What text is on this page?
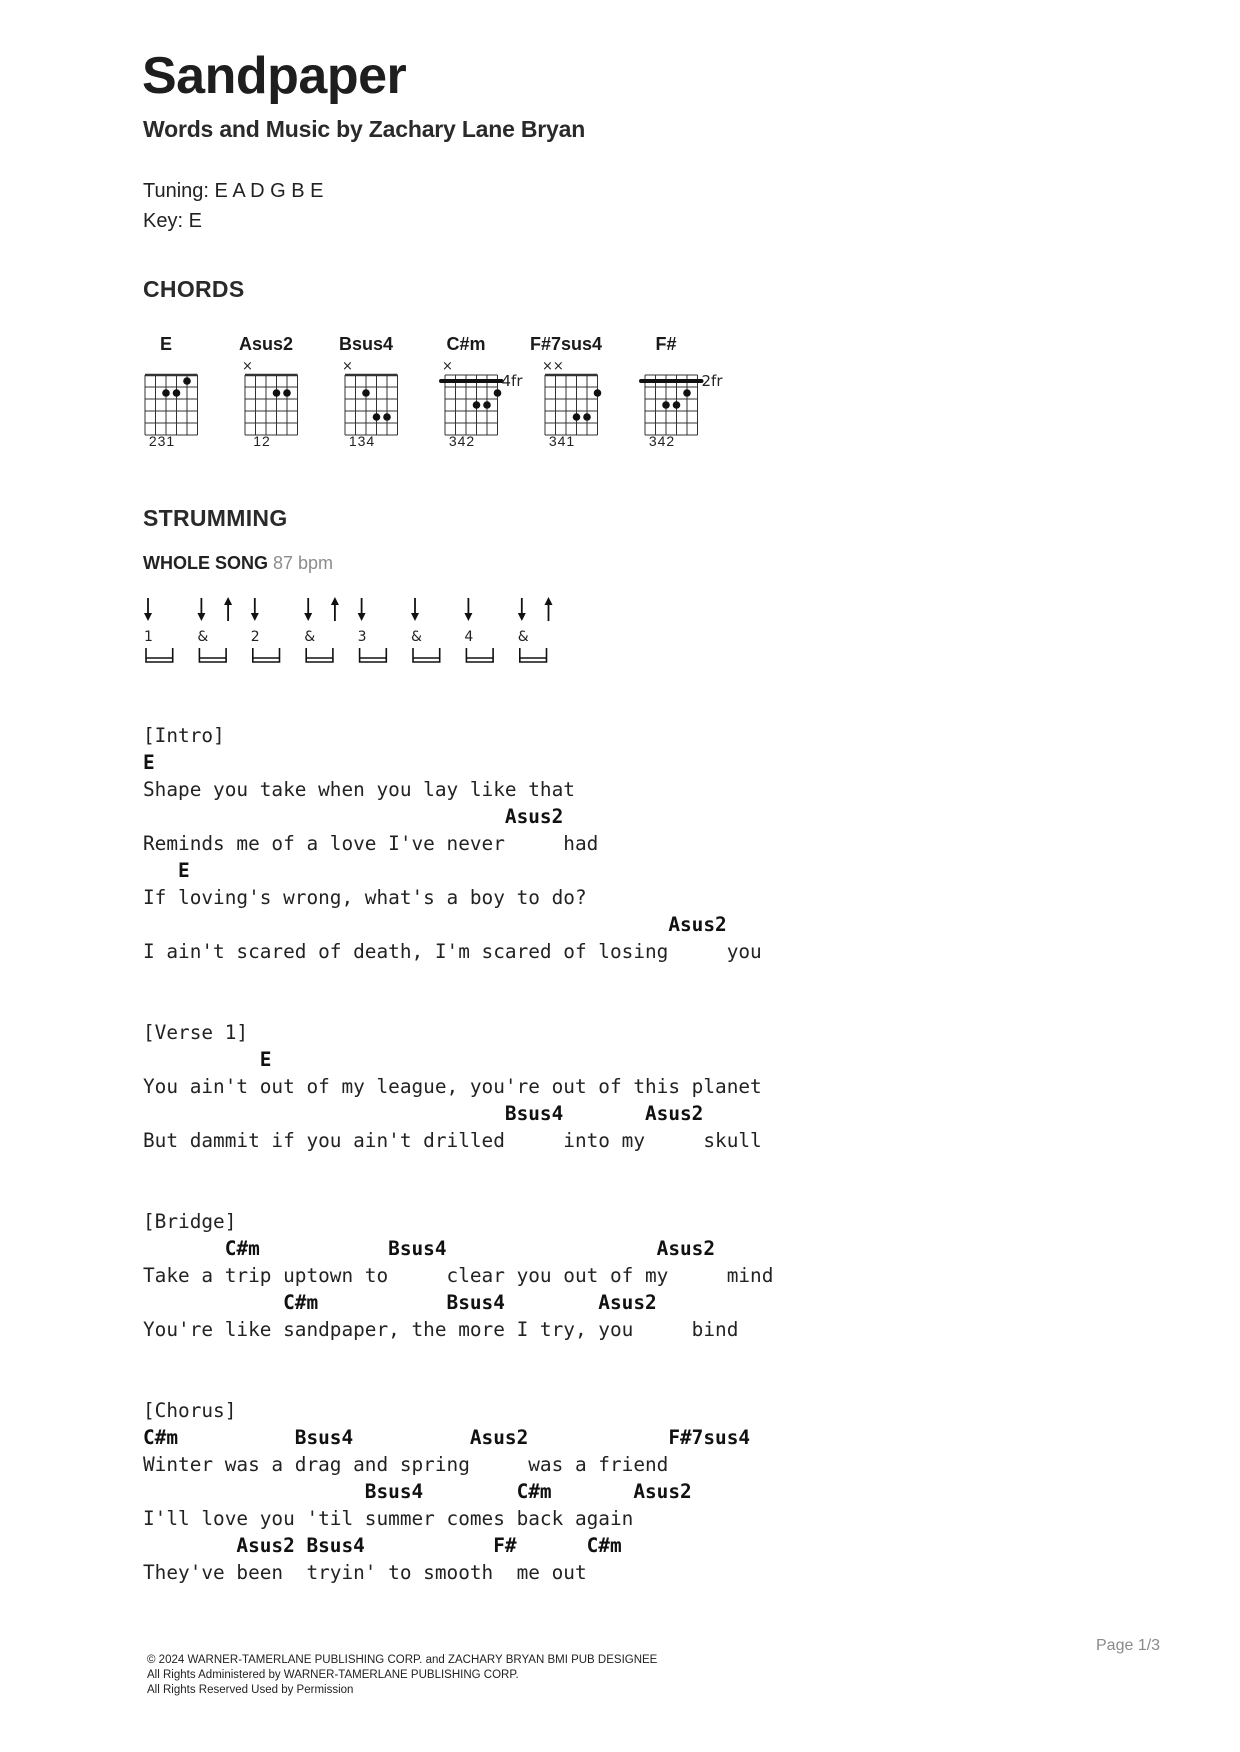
Sandpaper
Words and Music by Zachary Lane Bryan
Tuning: E A D G B E
Key: E
CHORDS
E
231
Asus2
×
12
Bsus4
×
134
C#m
×
4fr
342
F#7sus4
××
341
F#
2fr
342
STRUMMING
WHOLE SONG 87 bpm
1	&	2	&	3	&	4	&
[Intro]
E
Shape you take when you lay like that
Asus2
Reminds me of a love I've never     had
E
If loving's wrong, what's a boy to do?
Asus2
I ain't scared of death, I'm scared of losing     you

[Verse 1]
E
You ain't out of my league, you're out of this planet
Bsus4       Asus2
But dammit if you ain't drilled     into my     skull

[Bridge]
C#m           Bsus4                  Asus2
Take a trip uptown to     clear you out of my     mind
C#m           Bsus4        Asus2
You're like sandpaper, the more I try, you     bind

[Chorus]
C#m          Bsus4          Asus2            F#7sus4
Winter was a drag and spring     was a friend
Bsus4        C#m       Asus2
I'll love you 'til summer comes back again
Asus2 Bsus4           F#      C#m
They've been  tryin' to smooth  me out
Page 1/3
© 2024 WARNER-TAMERLANE PUBLISHING CORP. and ZACHARY BRYAN BMI PUB DESIGNEE
All Rights Administered by WARNER-TAMERLANE PUBLISHING CORP.
All Rights Reserved Used by Permission
